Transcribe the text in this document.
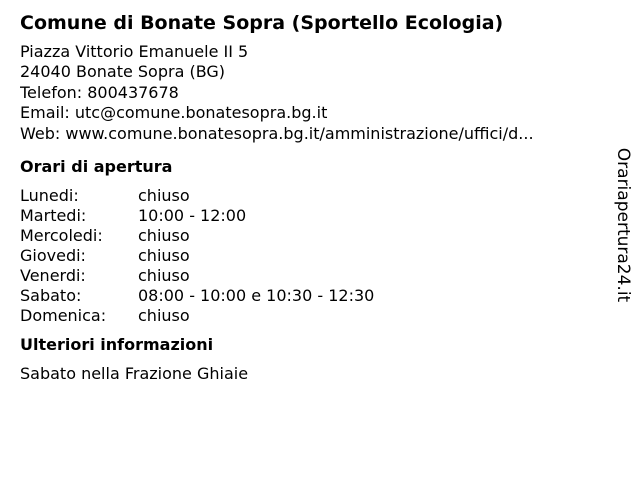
Comune di Bonate Sopra (Sportello Ecologia)
Piazza Vittorio Emanuele II 5
24040 Bonate Sopra (BG)
Telefon: 800437678
Email: utc@comune.bonatesopra.bg.it
Web: www.comune.bonatesopra.bg.it/amministrazione/uffici/d...
Orari di apertura
Lunedi:	chiuso
Martedi:	10:00 - 12:00
Mercoledi:	chiuso
Giovedi:	chiuso
Venerdi:	chiuso
Sabato:	08:00 - 10:00 e 10:30 - 12:30
Domenica:	chiuso
Ulteriori informazioni
Sabato nella Frazione Ghiaie
Orariapertura24.it
